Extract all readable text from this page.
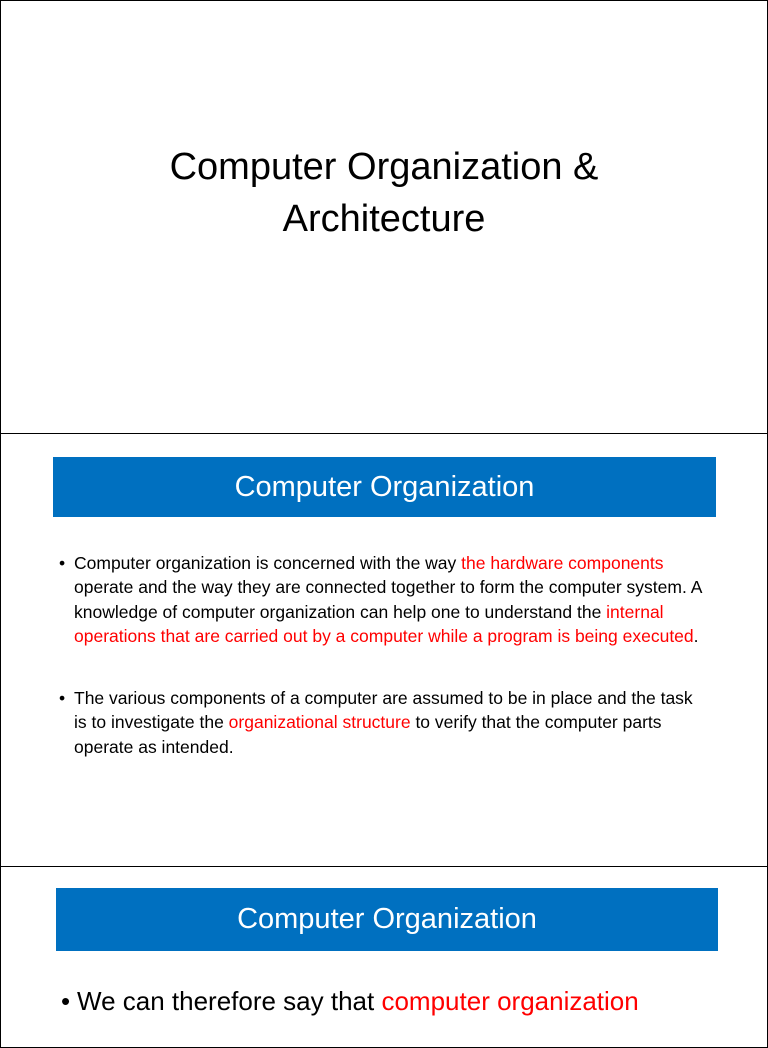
Computer Organization &
Architecture
Computer Organization
• Computer organization is concerned with the way the hardware components operate and the way they are connected together to form the computer system. A knowledge of computer organization can help one to understand the internal operations that are carried out by a computer while a program is being executed.
• The various components of a computer are assumed to be in place and the task is to investigate the organizational structure to verify that the computer parts operate as intended.
Computer Organization
• We can therefore say that computer organization
